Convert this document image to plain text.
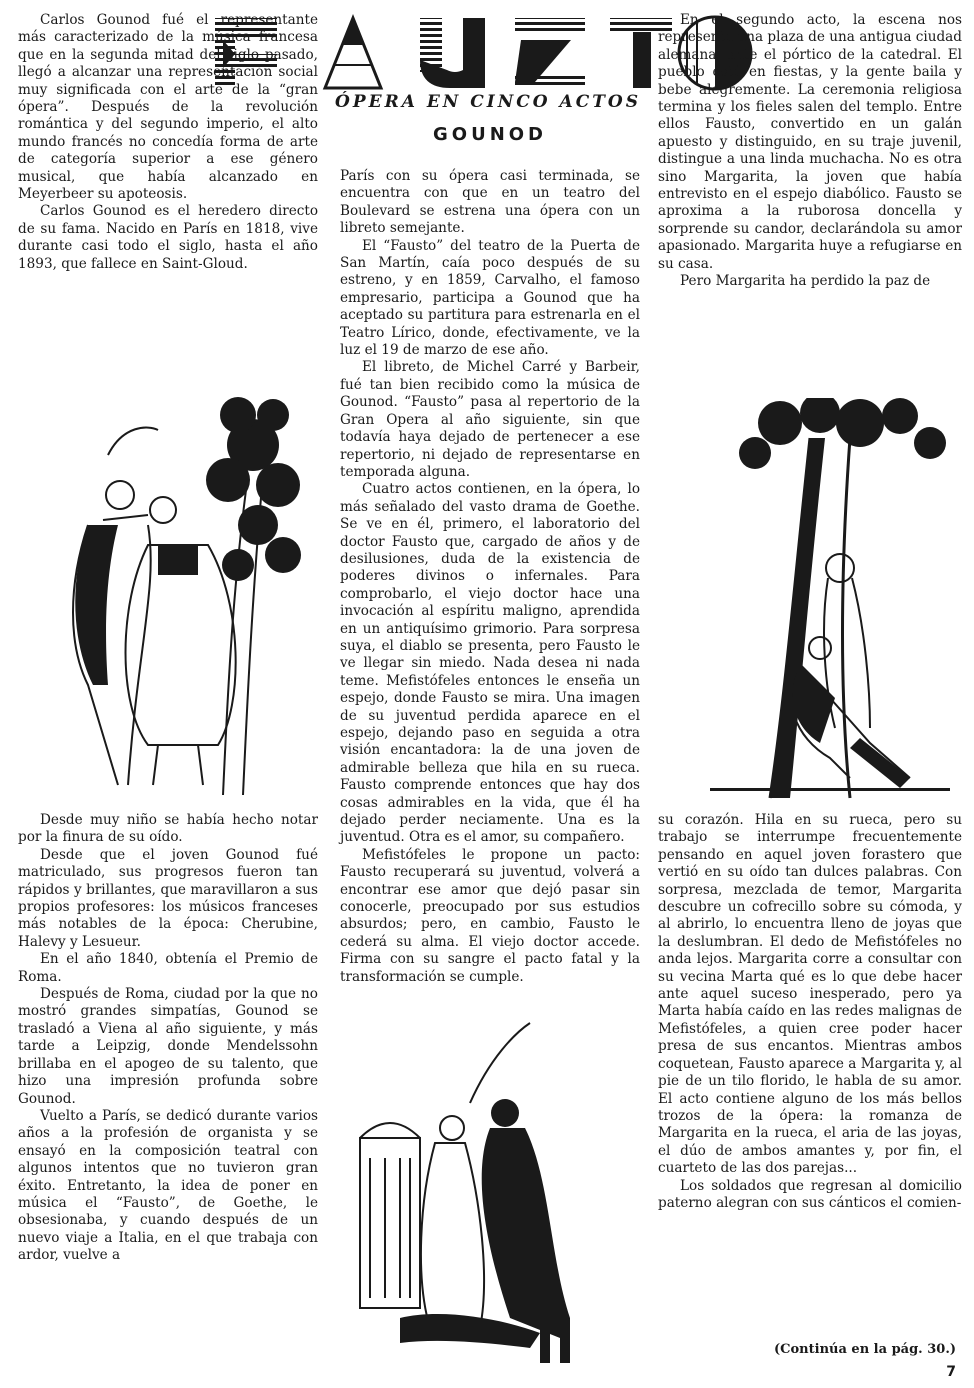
ÓPERA EN CINCO ACTOS
GOUNOD

Carlos Gounod fué el representante más caracterizado de la música francesa que en la segunda mitad del siglo pasado, llegó a alcanzar una representación social muy significada con el arte de la “gran ópera”. Después de la revolución romántica y del segundo imperio, el alto mundo francés no concedía forma de arte de categoría superior a ese género musical, que había alcanzado en Meyerbeer su apoteosis.

Carlos Gounod es el heredero directo de su fama. Nacido en París en 1818, vive durante casi todo el siglo, hasta el año 1893, que fallece en Saint-Gloud.

Desde muy niño se había hecho notar por la finura de su oído.

Desde que el joven Gounod fué matriculado, sus progresos fueron tan rápidos y brillantes, que maravillaron a sus propios profesores: los músicos franceses más notables de la época: Cherubine, Halevy y Lesueur.

En el año 1840, obtenía el Premio de Roma.

Después de Roma, ciudad por la que no mostró grandes simpatías, Gounod se trasladó a Viena al año siguiente, y más tarde a Leipzig, donde Mendelssohn brillaba en el apogeo de su talento, que hizo una impresión profunda sobre Gounod.

Vuelto a París, se dedicó durante varios años a la profesión de organista y se ensayó en la composición teatral con algunos intentos que no tuvieron gran éxito. Entretanto, la idea de poner en música el “Fausto”, de Goethe, le obsesionaba, y cuando después de un nuevo viaje a Italia, en el que trabaja con ardor, vuelve a

París con su ópera casi terminada, se encuentra con que en un teatro del Boulevard se estrena una ópera con un libreto semejante.

El “Fausto” del teatro de la Puerta de San Martín, caía poco después de su estreno, y en 1859, Carvalho, el famoso empresario, participa a Gounod que ha aceptado su partitura para estrenarla en el Teatro Lírico, donde, efectivamente, ve la luz el 19 de marzo de ese año.

El libreto, de Michel Carré y Barbeir, fué tan bien recibido como la música de Gounod. “Fausto” pasa al repertorio de la Gran Opera al año siguiente, sin que todavía haya dejado de pertenecer a ese repertorio, ni dejado de representarse en temporada alguna.

Cuatro actos contienen, en la ópera, lo más señalado del vasto drama de Goethe. Se ve en él, primero, el laboratorio del doctor Fausto que, cargado de años y de desilusiones, duda de la existencia de poderes divinos o infernales. Para comprobarlo, el viejo doctor hace una invocación al espíritu maligno, aprendida en un antiquísimo grimorio. Para sorpresa suya, el diablo se presenta, pero Fausto le ve llegar sin miedo. Nada desea ni nada teme. Mefistófeles entonces le enseña un espejo, donde Fausto se mira. Una imagen de su juventud perdida aparece en el espejo, dejando paso en seguida a otra visión encantadora: la de una joven de admirable belleza que hila en su rueca. Fausto comprende entonces que hay dos cosas admirables en la vida, que él ha dejado perder neciamente. Una es la juventud. Otra es el amor, su compañero.

Mefistófeles le propone un pacto: Fausto recuperará su juventud, volverá a encontrar ese amor que dejó pasar sin conocerle, preocupado por sus estudios absurdos; pero, en cambio, Fausto le cederá su alma. El viejo doctor accede. Firma con su sangre el pacto fatal y la transformación se cumple.

En el segundo acto, la escena nos representa una plaza de una antigua ciudad alemana, ante el pórtico de la catedral. El pueblo está en fiestas, y la gente baila y bebe alegremente. La ceremonia religiosa termina y los fieles salen del templo. Entre ellos Fausto, convertido en un galán apuesto y distinguido, en su traje juvenil, distingue a una linda muchacha. No es otra sino Margarita, la joven que había entrevisto en el espejo diabólico. Fausto se aproxima a la ruborosa doncella y sorprende su candor, declarándola su amor apasionado. Margarita huye a refugiarse en su casa.

Pero Margarita ha perdido la paz de

su corazón. Hila en su rueca, pero su trabajo se interrumpe frecuentemente pensando en aquel joven forastero que vertió en su oído tan dulces palabras. Con sorpresa, mezclada de temor, Margarita descubre un cofrecillo sobre su cómoda, y al abrirlo, lo encuentra lleno de joyas que la deslumbran. El dedo de Mefistófeles no anda lejos. Margarita corre a consultar con su vecina Marta qué es lo que debe hacer ante aquel suceso inesperado, pero ya Marta había caído en las redes malignas de Mefistófeles, a quien cree poder hacer presa de sus encantos. Mientras ambos coquetean, Fausto aparece a Margarita y, al pie de un tilo florido, le habla de su amor. El acto contiene alguno de los más bellos trozos de la ópera: la romanza de Margarita en la rueca, el aria de las joyas, el dúo de ambos amantes y, por fin, el cuarteto de las dos parejas...

Los soldados que regresan al domicilio paterno alegran con sus cánticos el comien-

(Continúa en la pág. 30.)
7
